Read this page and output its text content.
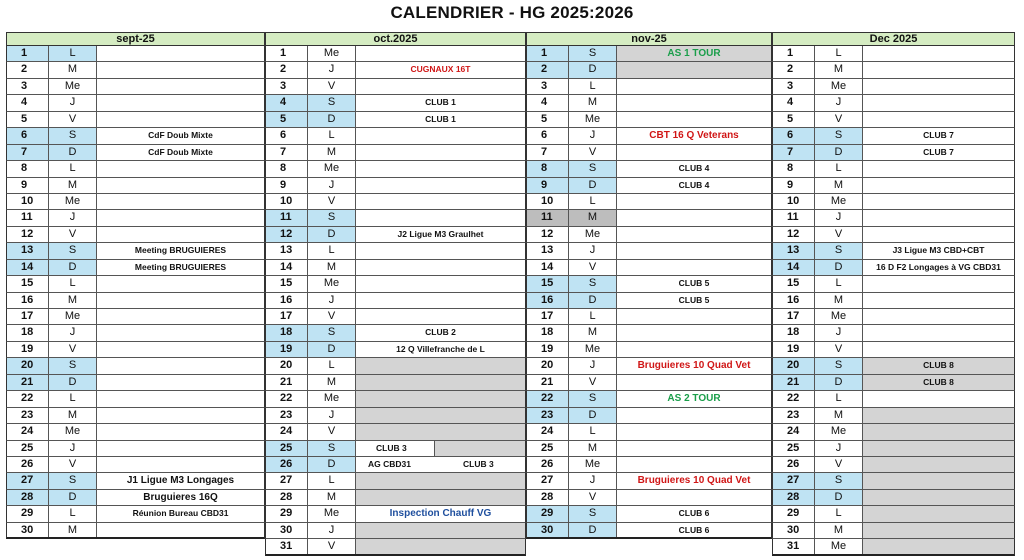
CALENDRIER - HG 2025:2026
sept-25
1	L
2	M
3	Me
4	J
5	V
6	S	CdF Doub Mixte
7	D	CdF Doub Mixte
8	L
9	M
10	Me
11	J
12	V
13	S	Meeting BRUGUIERES
14	D	Meeting BRUGUIERES
15	L
16	M
17	Me
18	J
19	V
20	S
21	D
22	L
23	M
24	Me
25	J
26	V
27	S	J1 Ligue M3 Longages
28	D	Bruguieres 16Q
29	L	Réunion Bureau CBD31
30	M
oct.2025
1	Me
2	J	CUGNAUX 16T
3	V
4	S	CLUB 1
5	D	CLUB 1
6	L
7	M
8	Me
9	J
10	V
11	S
12	D	J2 Ligue M3 Graulhet
13	L
14	M
15	Me
16	J
17	V
18	S	CLUB 2
19	D	12 Q Villefranche de L
20	L
21	M
22	Me
23	J
24	V
25	S	CLUB 3
26	D	AG CBD31	CLUB 3
27	L
28	M
29	Me	Inspection Chauff VG
30	J
31	V
nov-25
1	S	AS 1 TOUR
2	D
3	L
4	M
5	Me
6	J	CBT 16 Q Veterans
7	V
8	S	CLUB 4
9	D	CLUB 4
10	L
11	M
12	Me
13	J
14	V
15	S	CLUB 5
16	D	CLUB 5
17	L
18	M
19	Me
20	J	Bruguieres 10 Quad Vet
21	V
22	S	AS 2 TOUR
23	D
24	L
25	M
26	Me
27	J	Bruguieres 10 Quad Vet
28	V
29	S	CLUB 6
30	D	CLUB 6
Dec 2025
1	L
2	M
3	Me
4	J
5	V
6	S	CLUB 7
7	D	CLUB 7
8	L
9	M
10	Me
11	J
12	V
13	S	J3 Ligue M3 CBD+CBT
14	D	16 D F2 Longages à VG CBD31
15	L
16	M
17	Me
18	J
19	V
20	S	CLUB 8
21	D	CLUB 8
22	L
23	M
24	Me
25	J
26	V
27	S
28	D
29	L
30	M
31	Me
